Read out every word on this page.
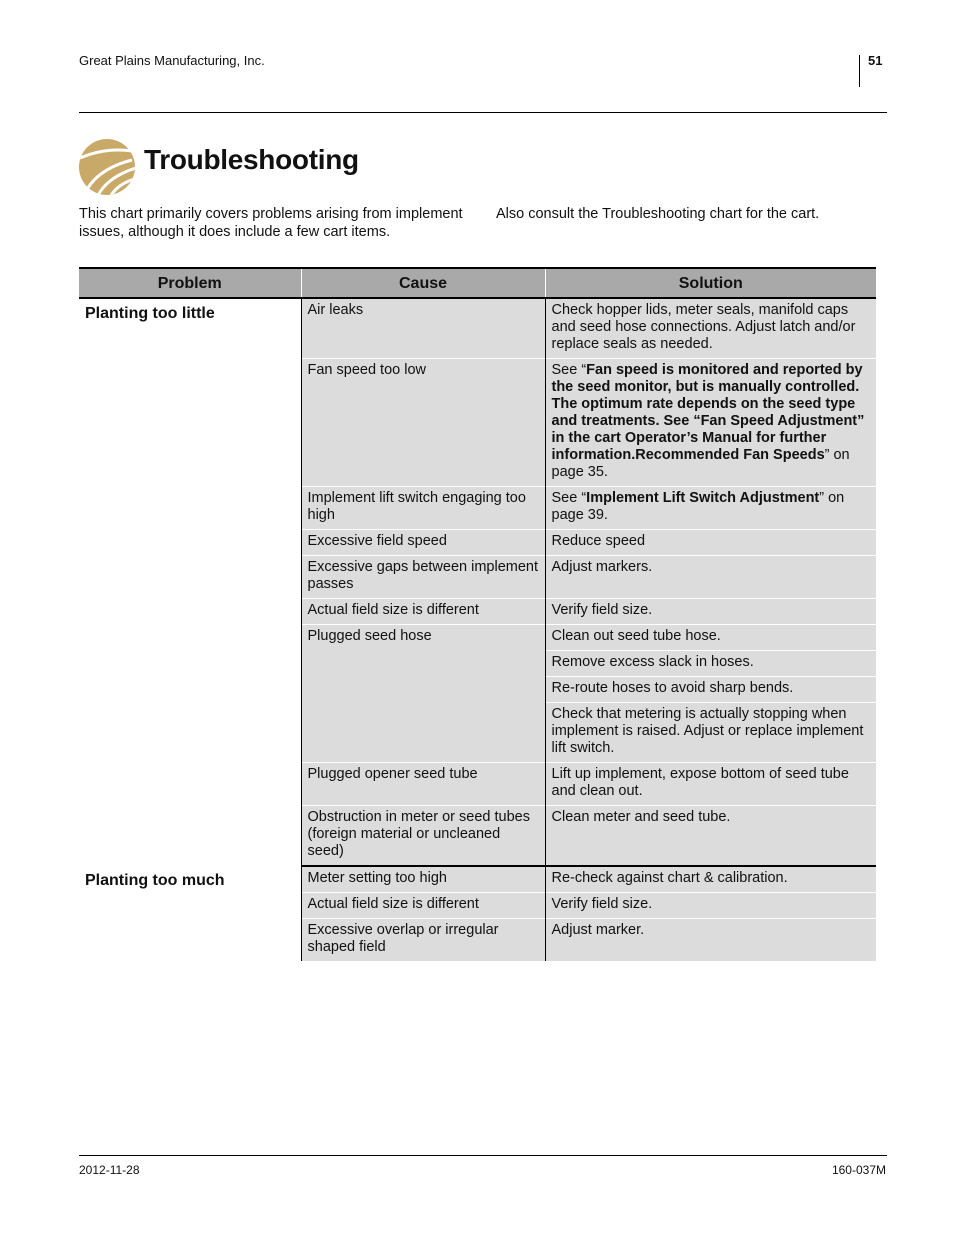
Great Plains Manufacturing, Inc.	51
Troubleshooting
This chart primarily covers problems arising from implement issues, although it does include a few cart items.
Also consult the Troubleshooting chart for the cart.
Problem	Cause	Solution
Planting too little	Air leaks	Check hopper lids, meter seals, manifold caps and seed hose connections. Adjust latch and/or replace seals as needed.
	Fan speed too low	See “Fan speed is monitored and reported by the seed monitor, but is manually controlled. The optimum rate depends on the seed type and treatments. See “Fan Speed Adjustment” in the cart Operator’s Manual for further information.Recommended Fan Speeds” on page 35.
	Implement lift switch engaging too high	See “Implement Lift Switch Adjustment” on page 39.
	Excessive field speed	Reduce speed
	Excessive gaps between implement passes	Adjust markers.
	Actual field size is different	Verify field size.
	Plugged seed hose	Clean out seed tube hose.
		Remove excess slack in hoses.
		Re-route hoses to avoid sharp bends.
		Check that metering is actually stopping when implement is raised. Adjust or replace implement lift switch.
	Plugged opener seed tube	Lift up implement, expose bottom of seed tube and clean out.
	Obstruction in meter or seed tubes (foreign material or uncleaned seed)	Clean meter and seed tube.
Planting too much	Meter setting too high	Re-check against chart & calibration.
	Actual field size is different	Verify field size.
	Excessive overlap or irregular shaped field	Adjust marker.
2012-11-28	160-037M
